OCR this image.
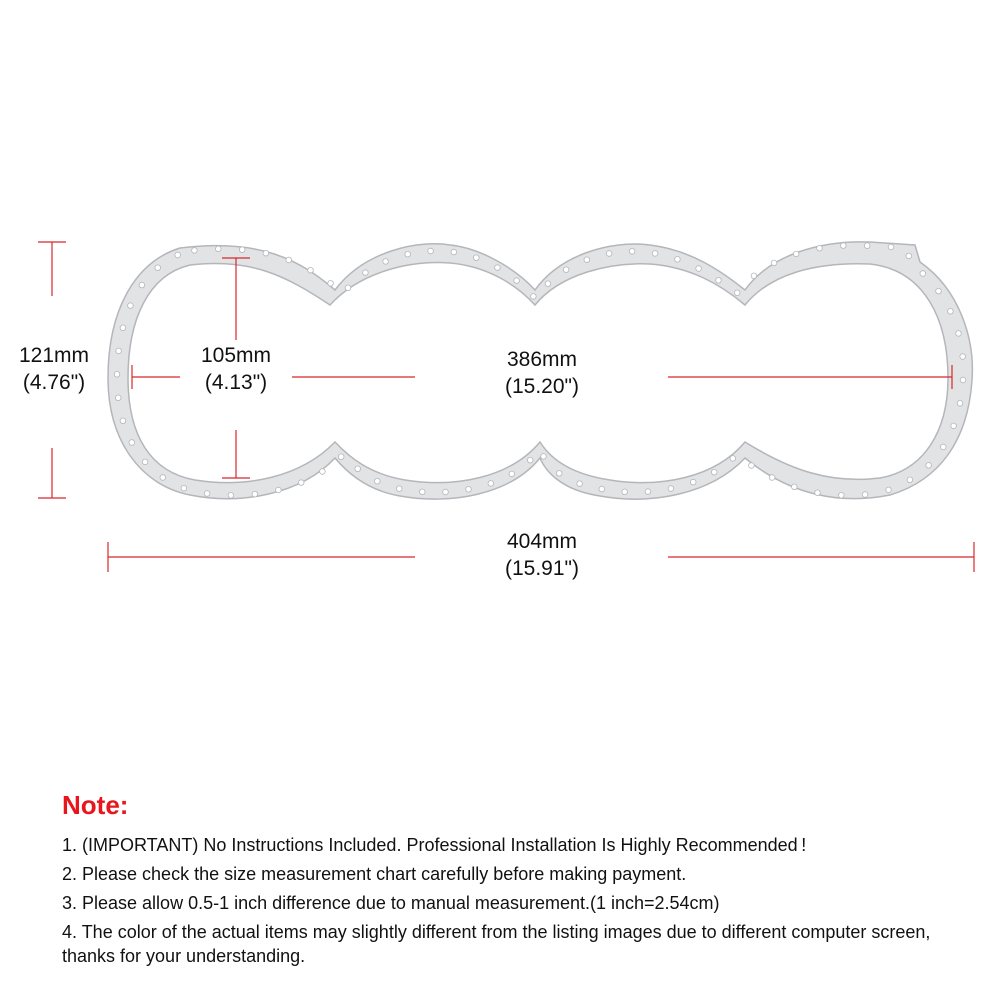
121mm
(4.76")
105mm
(4.13")
386mm
(15.20")
404mm
(15.91")
Note:

1. (IMPORTANT) No Instructions Included. Professional Installation Is Highly Recommended !

2. Please check the size measurement chart carefully before making payment.

3. Please allow 0.5-1 inch difference due to manual measurement.(1 inch=2.54cm)

4. The color of the actual items may slightly different from the listing images due to different computer screen, thanks for your understanding.
